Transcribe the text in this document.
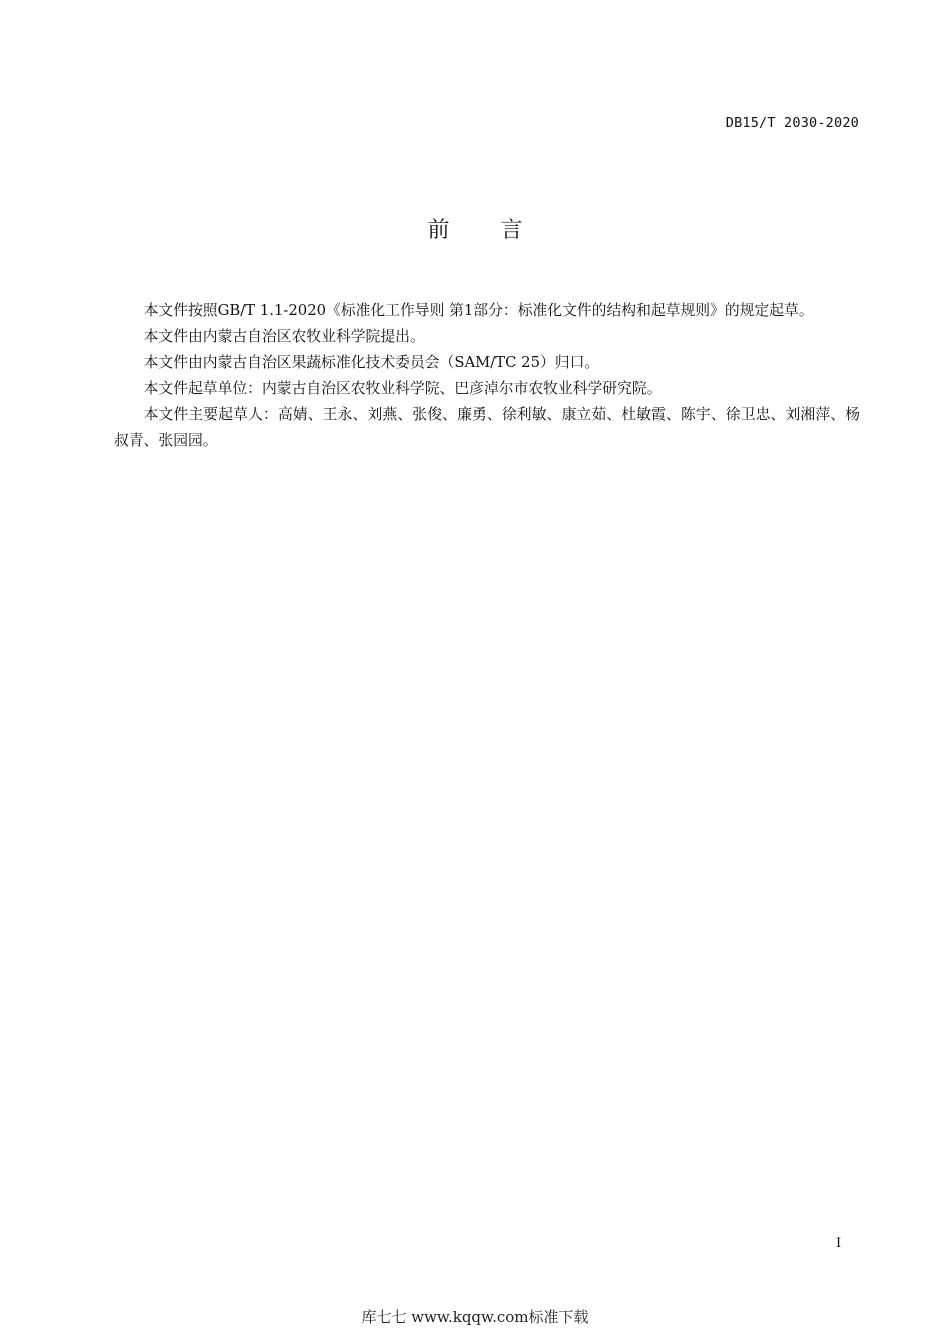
DB15/T 2030-2020
前 言

本文件按照GB/T 1.1-2020《标准化工作导则 第1部分：标准化文件的结构和起草规则》的规定起草。

本文件由内蒙古自治区农牧业科学院提出。

本文件由内蒙古自治区果蔬标准化技术委员会（SAM/TC 25）归口。

本文件起草单位：内蒙古自治区农牧业科学院、巴彦淖尔市农牧业科学研究院。

本文件主要起草人：高婧、王永、刘燕、张俊、廉勇、徐利敏、康立茹、杜敏霞、陈宇、徐卫忠、刘湘萍、杨叔青、张园园。

I
库七七 www.kqqw.com标准下载
